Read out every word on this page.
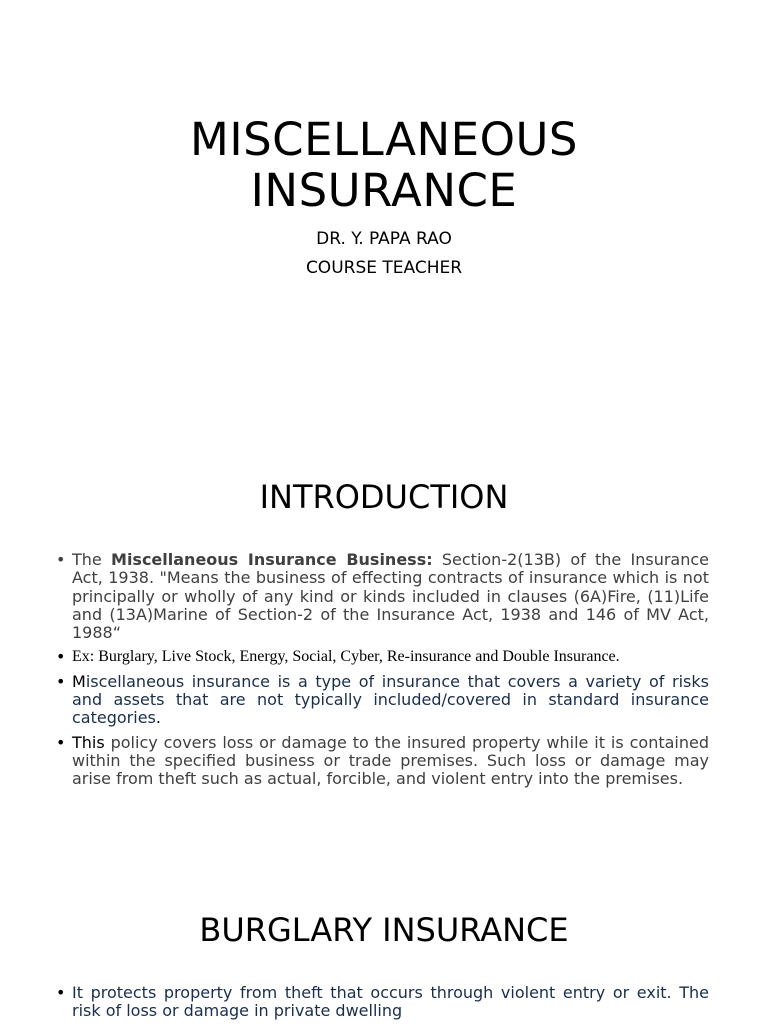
MISCELLANEOUS
INSURANCE

DR. Y. PAPA RAO

COURSE TEACHER

INTRODUCTION
• The Miscellaneous Insurance Business: Section-2(13B) of the Insurance Act, 1938. "Means the business of effecting contracts of insurance which is not principally or wholly of any kind or kinds included in clauses (6A)Fire, (11)Life and (13A)Marine of Section-2 of the Insurance Act, 1938 and 146 of MV Act, 1988“
• Ex: Burglary, Live Stock, Energy, Social, Cyber, Re-insurance and Double Insurance.
• Miscellaneous insurance is a type of insurance that covers a variety of risks and assets that are not typically included/covered in standard insurance categories.
• This policy covers loss or damage to the insured property while it is contained within the specified business or trade premises. Such loss or damage may arise from theft such as actual, forcible, and violent entry into the premises.
BURGLARY INSURANCE
• It protects property from theft that occurs through violent entry or exit. The risk of loss or damage in private dwelling
